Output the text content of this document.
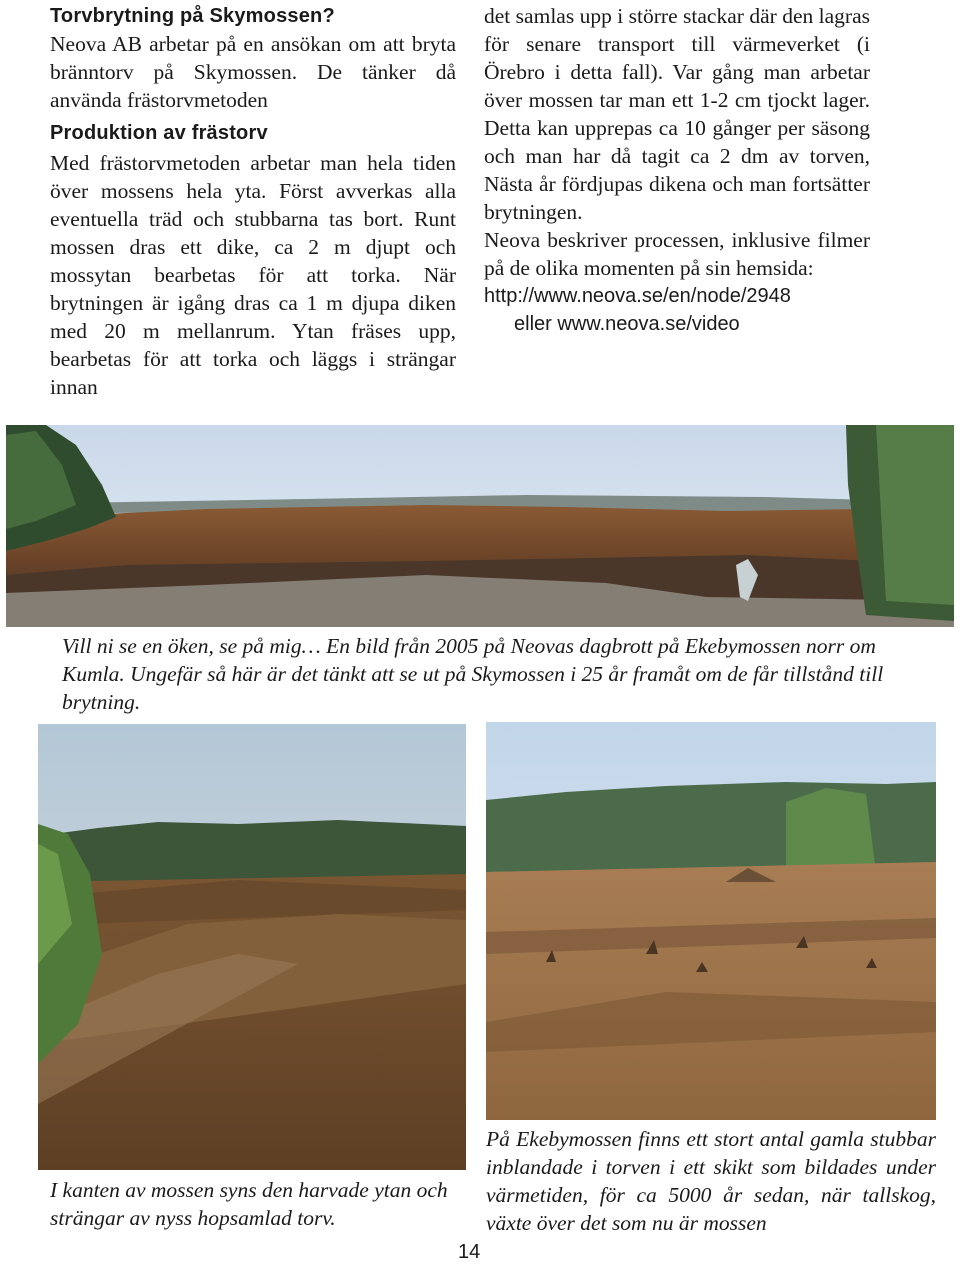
Torvbrytning på Skymossen?

Neova AB arbetar på en ansökan om att bryta bränntorv på Skymossen. De tänker då använda frästorvmetoden

Produktion av frästorv

Med frästorvmetoden arbetar man hela tiden över mossens hela yta. Först avverkas alla eventuella träd och stubbarna tas bort. Runt mossen dras ett dike, ca 2 m djupt och mossytan bearbetas för att torka. När brytningen är igång dras ca 1 m djupa diken med 20 m mellanrum. Ytan fräses upp, bearbetas för att torka och läggs i strängar innan

det samlas upp i större stackar där den lagras för senare transport till värmeverket (i Örebro i detta fall). Var gång man arbetar över mossen tar man ett 1-2 cm tjockt lager. Detta kan upprepas ca 10 gånger per säsong och man har då tagit ca 2 dm av torven, Nästa år fördjupas dikena och man fortsätter brytningen.

Neova beskriver processen, inklusive filmer på de olika momenten på sin hemsida:

http://www.neova.se/en/node/2948
eller www.neova.se/video
Vill ni se en öken, se på mig… En bild från 2005 på Neovas dagbrott på Ekebymossen norr om Kumla. Ungefär så här är det tänkt att se ut på Skymossen i 25 år framåt om de får tillstånd till brytning.
I kanten av mossen syns den harvade ytan och strängar av nyss hopsamlad torv.
På Ekebymossen finns ett stort antal gamla stubbar inblandade i torven i ett skikt som bildades under värmetiden, för ca 5000 år sedan, när tallskog, växte över det som nu är mossen
14
